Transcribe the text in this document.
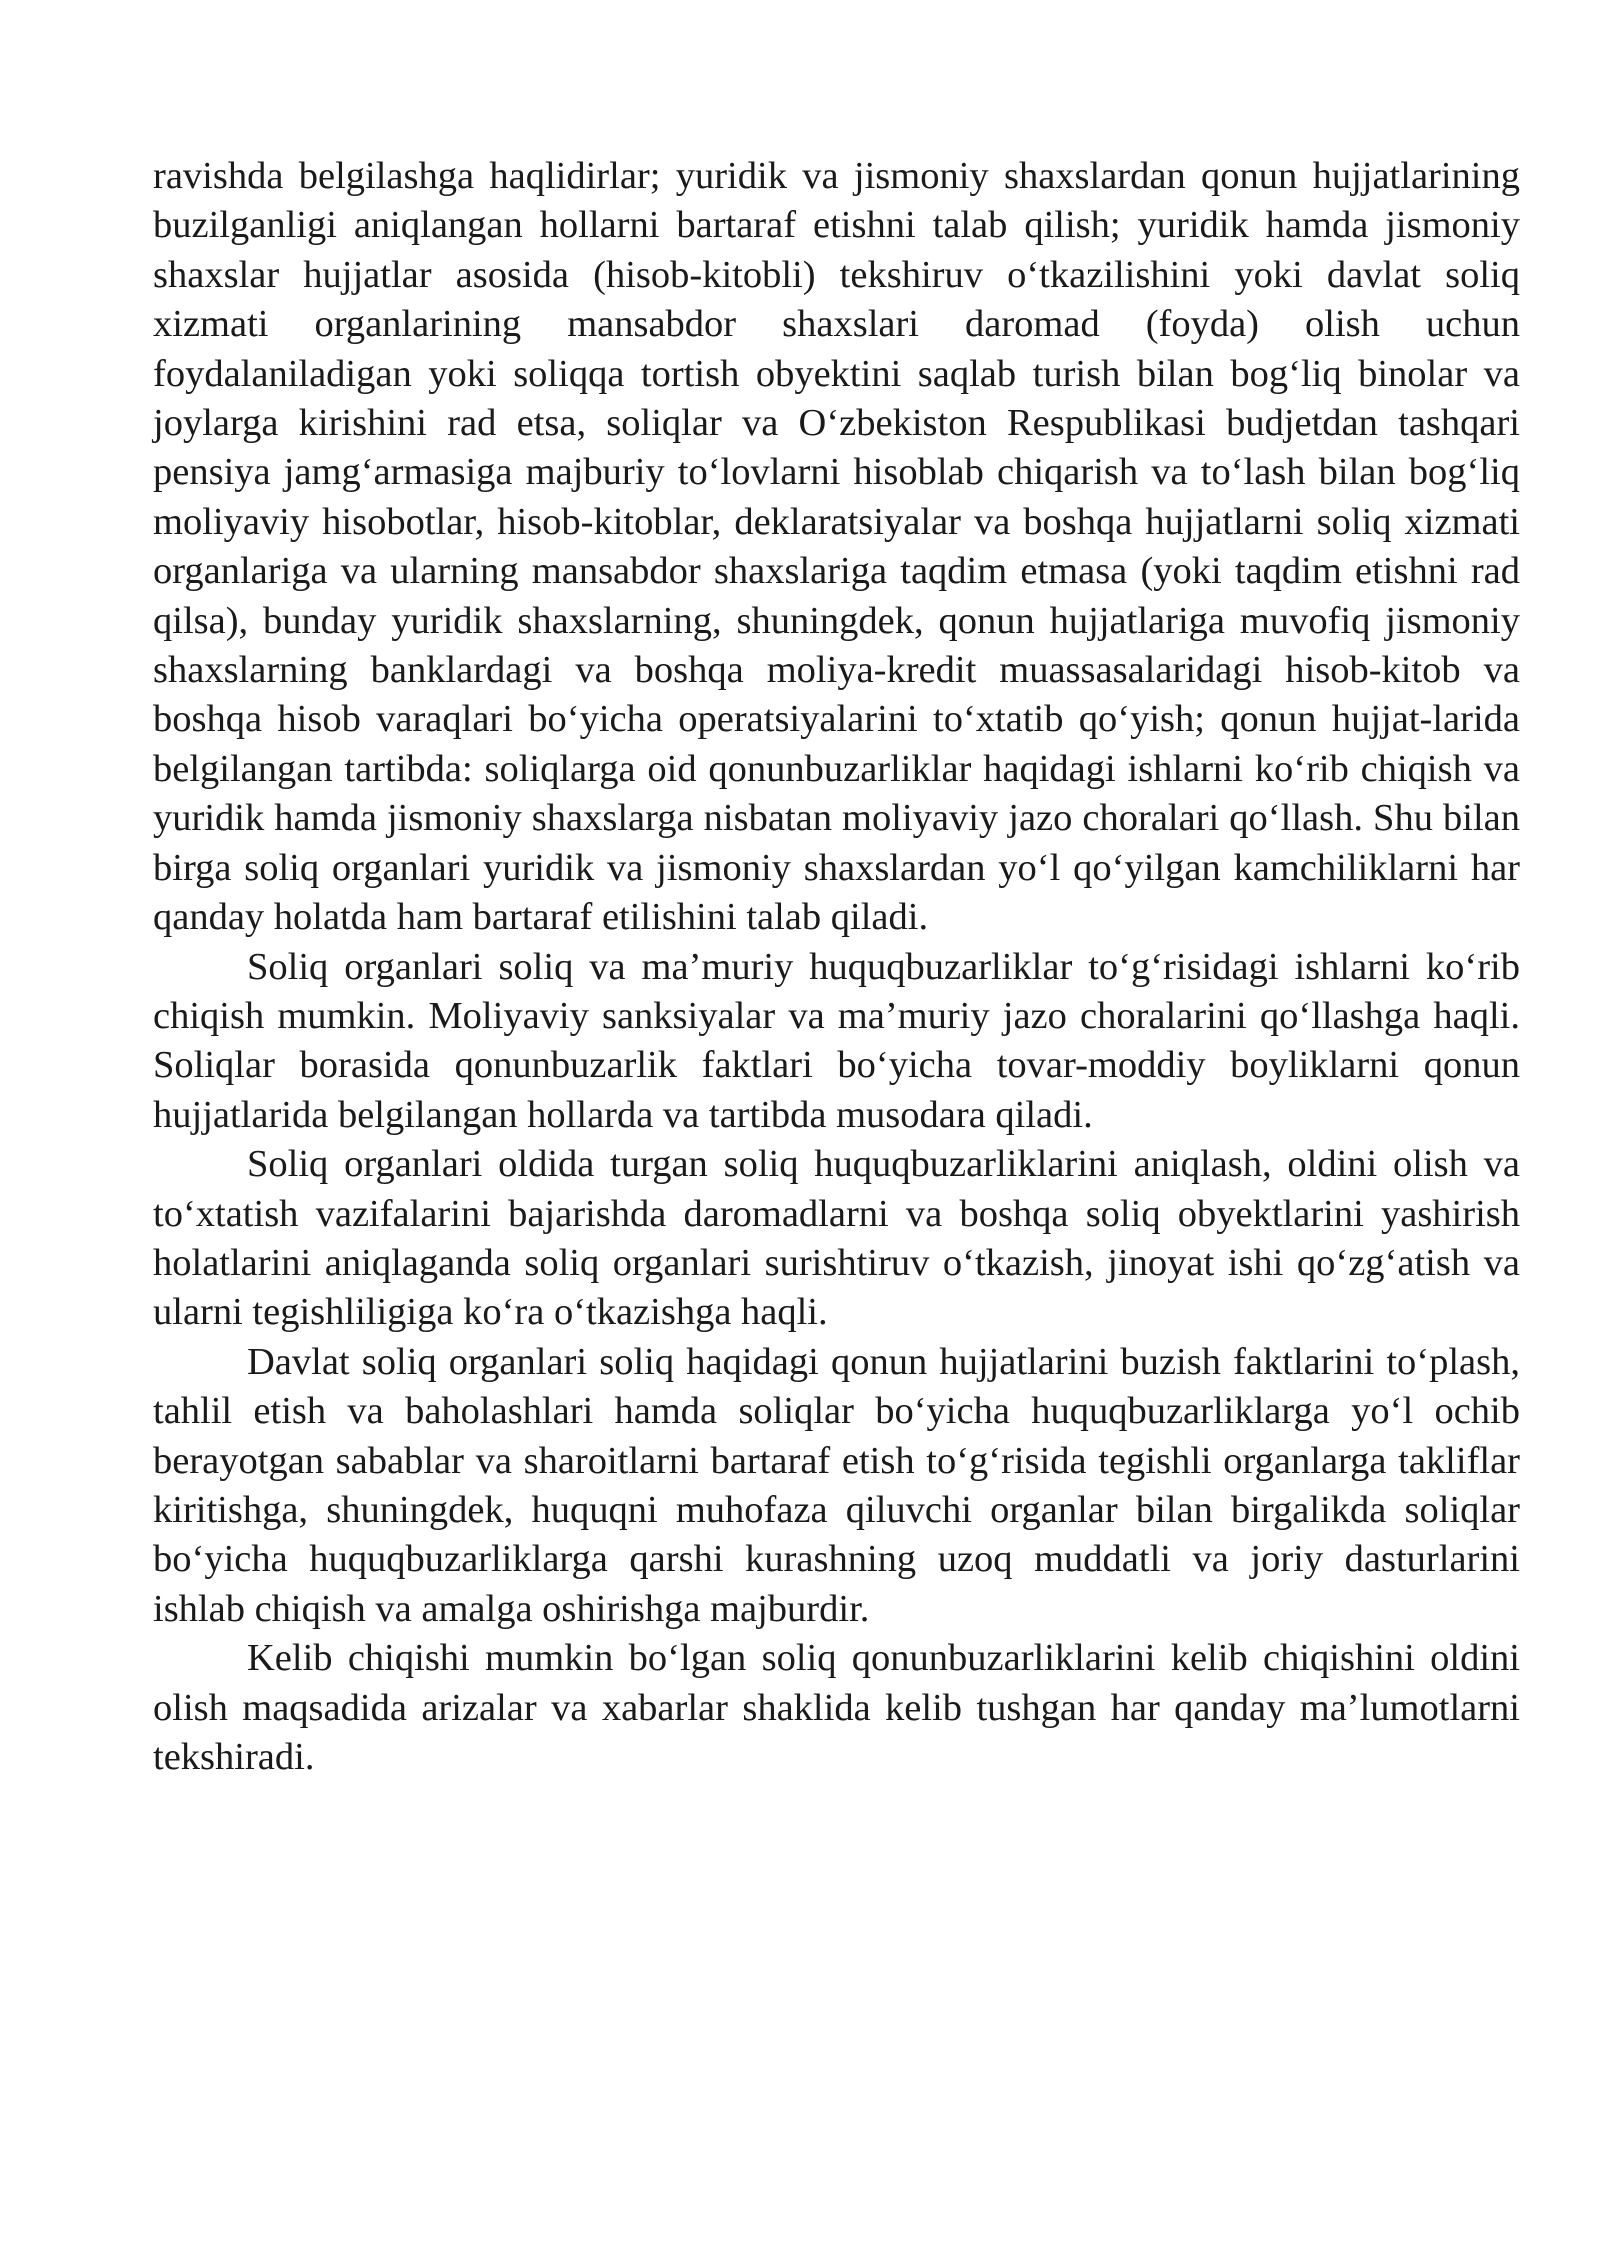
ravishda belgilashga haqlidirlar; yuridik va jismoniy shaxslardan qonun hujjatlarining buzilganligi aniqlangan hollarni bartaraf etishni talab qilish; yuridik hamda jismoniy shaxslar hujjatlar asosida (hisob-kitobli) tekshiruv o‘tkazilishini yoki davlat soliq xizmati organlarining mansabdor shaxslari daromad (foyda) olish uchun foydalaniladigan yoki soliqqa tortish obyektini saqlab turish bilan bog‘liq binolar va joylarga kirishini rad etsa, soliqlar va O‘zbekiston Respublikasi budjetdan tashqari pensiya jamg‘armasiga majburiy to‘lovlarni hisoblab chiqarish va to‘lash bilan bog‘liq moliyaviy hisobotlar, hisob-kitoblar, deklaratsiyalar va boshqa hujjatlarni soliq xizmati organlariga va ularning mansabdor shaxslariga taqdim etmasa (yoki taqdim etishni rad qilsa), bunday yuridik shaxslarning, shuningdek, qonun hujjatlariga muvofiq jismoniy shaxslarning banklardagi va boshqa moliya-kredit muassasalaridagi hisob-kitob va boshqa hisob varaqlari bo‘yicha operatsiyalarini to‘xtatib qo‘yish; qonun hujjat-larida belgilangan tartibda: soliqlarga oid qonunbuzarliklar haqidagi ishlarni ko‘rib chiqish va yuridik hamda jismoniy shaxslarga nisbatan moliyaviy jazo choralari qo‘llash. Shu bilan birga soliq organlari yuridik va jismoniy shaxslardan yo‘l qo‘yilgan kamchiliklarni har qanday holatda ham bartaraf etilishini talab qiladi.

Soliq organlari soliq va ma’muriy huquqbuzarliklar to‘g‘risidagi ishlarni ko‘rib chiqish mumkin. Moliyaviy sanksiyalar va ma’muriy jazo choralarini qo‘llashga haqli. Soliqlar borasida qonunbuzarlik faktlari bo‘yicha tovar-moddiy boyliklarni qonun hujjatlarida belgilangan hollarda va tartibda musodara qiladi.

Soliq organlari oldida turgan soliq huquqbuzarliklarini aniqlash, oldini olish va to‘xtatish vazifalarini bajarishda daromadlarni va boshqa soliq obyektlarini yashirish holatlarini aniqlaganda soliq organlari surishtiruv o‘tkazish, jinoyat ishi qo‘zg‘atish va ularni tegishliligiga ko‘ra o‘tkazishga haqli.

Davlat soliq organlari soliq haqidagi qonun hujjatlarini buzish faktlarini to‘plash, tahlil etish va baholashlari hamda soliqlar bo‘yicha huquqbuzarliklarga yo‘l ochib berayotgan sabablar va sharoitlarni bartaraf etish to‘g‘risida tegishli organlarga takliflar kiritishga, shuningdek, huquqni muhofaza qiluvchi organlar bilan birgalikda soliqlar bo‘yicha huquqbuzarliklarga qarshi kurashning uzoq muddatli va joriy dasturlarini ishlab chiqish va amalga oshirishga majburdir.

Kelib chiqishi mumkin bo‘lgan soliq qonunbuzarliklarini kelib chiqishini oldini olish maqsadida arizalar va xabarlar shaklida kelib tushgan har qanday ma’lumotlarni tekshiradi.
